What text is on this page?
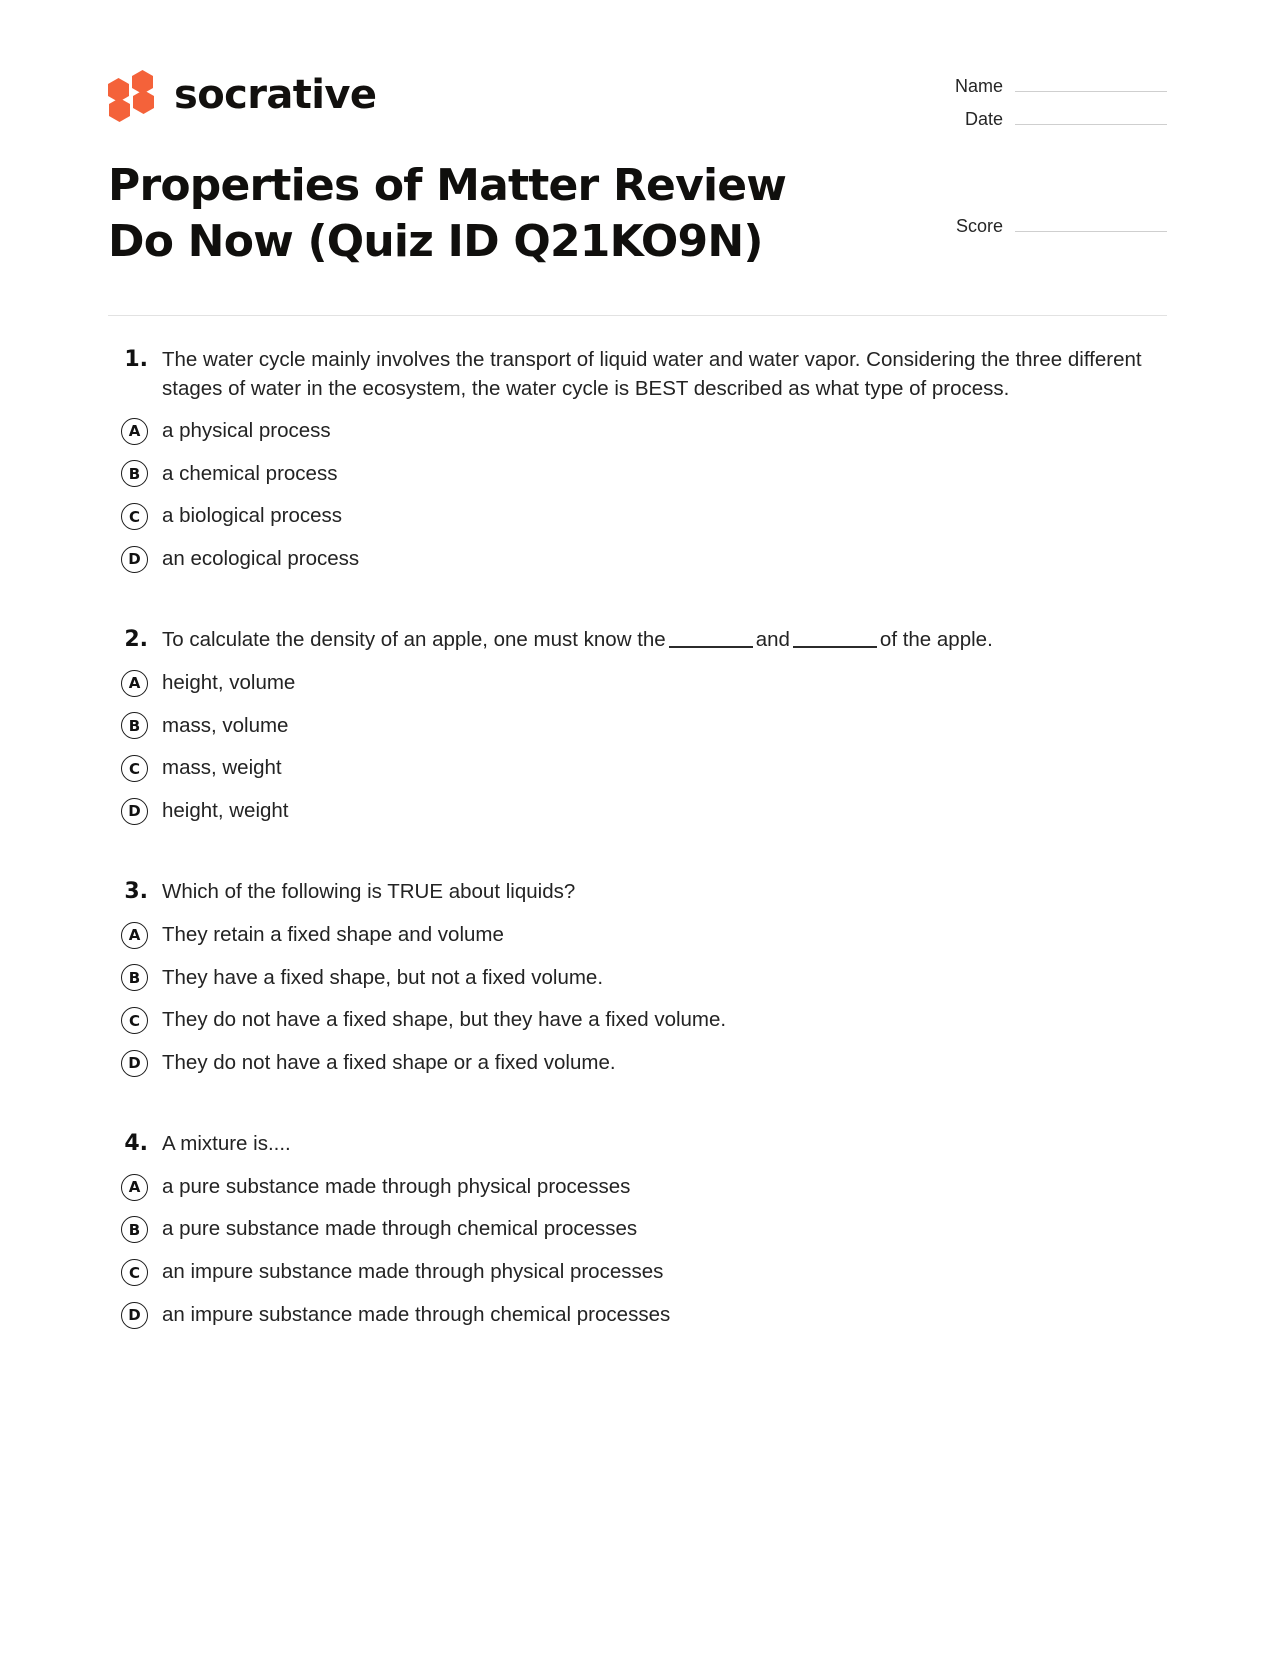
socrative	Name
Date
Properties of Matter Review Do Now (Quiz ID Q21KO9N)	Score
1. The water cycle mainly involves the transport of liquid water and water vapor. Considering the three different stages of water in the ecosystem, the water cycle is BEST described as what type of process.
A	a physical process
B	a chemical process
C	a biological process
D	an ecological process
2. To calculate the density of an apple, one must know the	and	of the apple.
A	height, volume
B	mass, volume
C	mass, weight
D	height, weight
3. Which of the following is TRUE about liquids?
A	They retain a fixed shape and volume
B	They have a fixed shape, but not a fixed volume.
C	They do not have a fixed shape, but they have a fixed volume.
D	They do not have a fixed shape or a fixed volume.
4. A mixture is....
A	a pure substance made through physical processes
B	a pure substance made through chemical processes
C	an impure substance made through physical processes
D	an impure substance made through chemical processes
